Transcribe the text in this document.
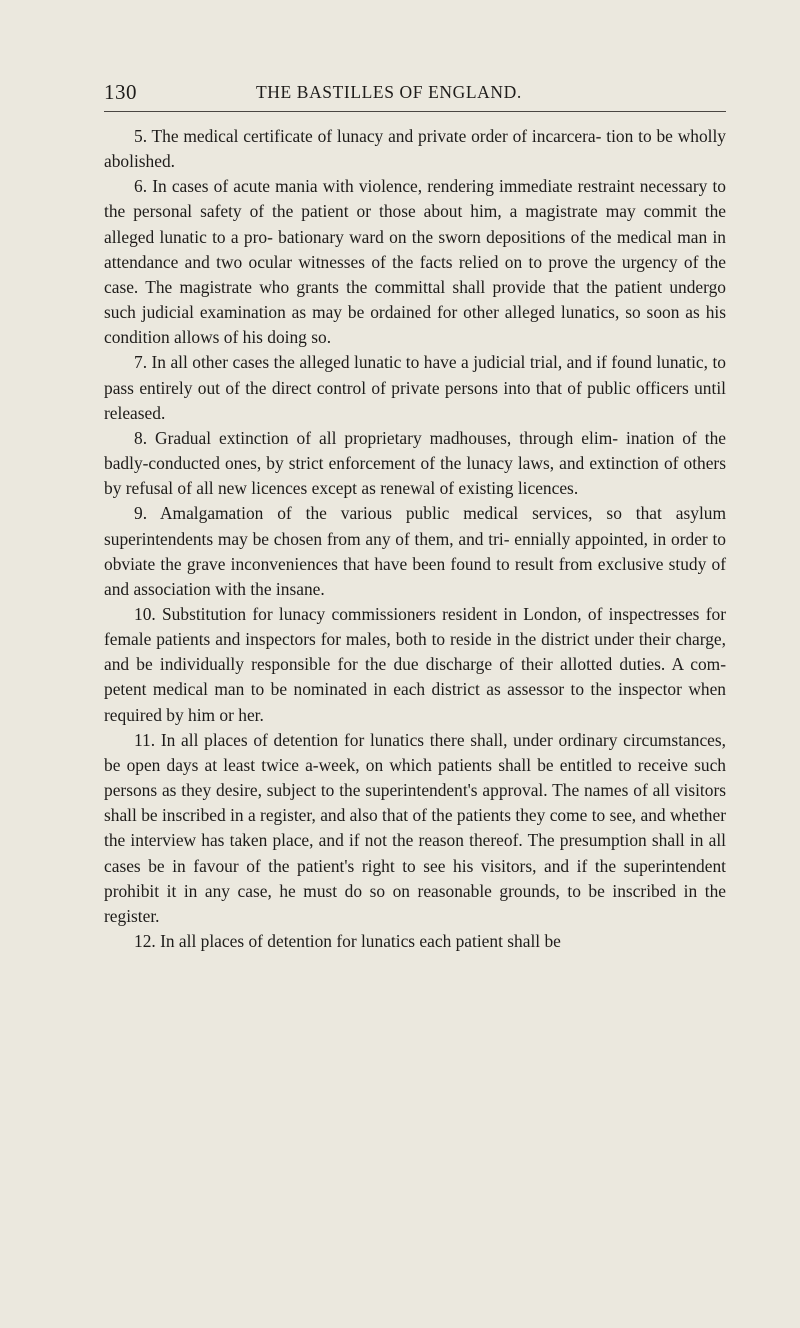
130	THE BASTILLES OF ENGLAND.

5. The medical certificate of lunacy and private order of incarcera- tion to be wholly abolished.

6. In cases of acute mania with violence, rendering immediate restraint necessary to the personal safety of the patient or those about him, a magistrate may commit the alleged lunatic to a pro- bationary ward on the sworn depositions of the medical man in attendance and two ocular witnesses of the facts relied on to prove the urgency of the case. The magistrate who grants the committal shall provide that the patient undergo such judicial examination as may be ordained for other alleged lunatics, so soon as his condition allows of his doing so.

7. In all other cases the alleged lunatic to have a judicial trial, and if found lunatic, to pass entirely out of the direct control of private persons into that of public officers until released.

8. Gradual extinction of all proprietary madhouses, through elim- ination of the badly-conducted ones, by strict enforcement of the lunacy laws, and extinction of others by refusal of all new licences except as renewal of existing licences.

9. Amalgamation of the various public medical services, so that asylum superintendents may be chosen from any of them, and tri- ennially appointed, in order to obviate the grave inconveniences that have been found to result from exclusive study of and association with the insane.

10. Substitution for lunacy commissioners resident in London, of inspectresses for female patients and inspectors for males, both to reside in the district under their charge, and be individually responsible for the due discharge of their allotted duties. A com- petent medical man to be nominated in each district as assessor to the inspector when required by him or her.

11. In all places of detention for lunatics there shall, under ordinary circumstances, be open days at least twice a-week, on which patients shall be entitled to receive such persons as they desire, subject to the superintendent's approval. The names of all visitors shall be inscribed in a register, and also that of the patients they come to see, and whether the interview has taken place, and if not the reason thereof. The presumption shall in all cases be in favour of the patient's right to see his visitors, and if the superintendent prohibit it in any case, he must do so on reasonable grounds, to be inscribed in the register.

12. In all places of detention for lunatics each patient shall be
